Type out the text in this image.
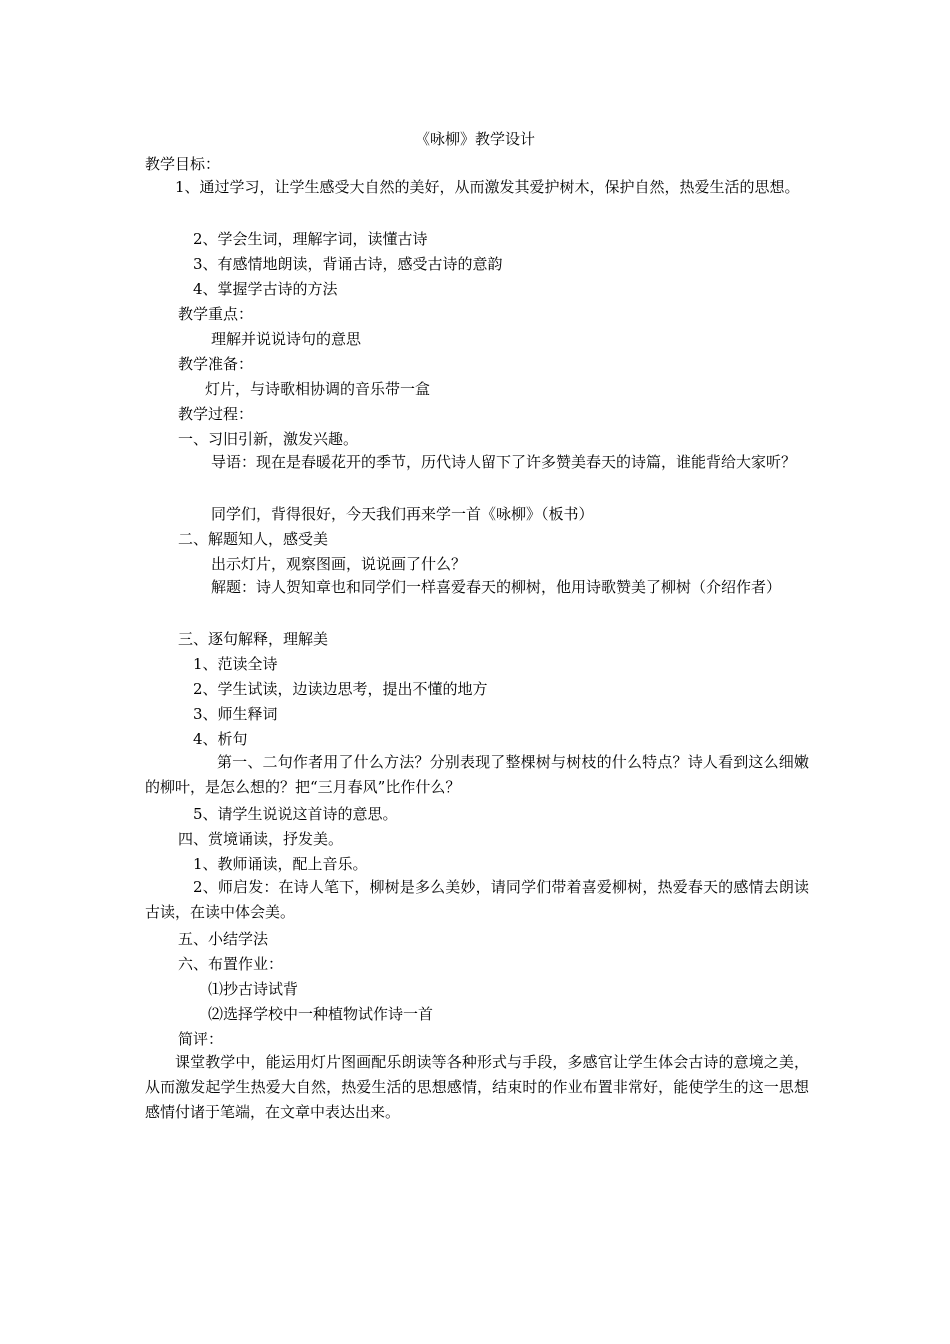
《咏柳》教学设计
教学目标：
1、通过学习，让学生感受大自然的美好，从而激发其爱护树木，保护自然，热爱生活的思想。
2、学会生词，理解字词，读懂古诗
3、有感情地朗读，背诵古诗，感受古诗的意韵
4、掌握学古诗的方法
教学重点：
理解并说说诗句的意思
教学准备：
灯片，与诗歌相协调的音乐带一盒
教学过程：
一、习旧引新，激发兴趣。
导语：现在是春暖花开的季节，历代诗人留下了许多赞美春天的诗篇，谁能背给大家听？
同学们，背得很好，今天我们再来学一首《咏柳》（板书）
二、解题知人，感受美
出示灯片，观察图画，说说画了什么？
解题：诗人贺知章也和同学们一样喜爱春天的柳树，他用诗歌赞美了柳树（介绍作者）
三、逐句解释，理解美
1、范读全诗
2、学生试读，边读边思考，提出不懂的地方
3、师生释词
4、析句
第一、二句作者用了什么方法？分别表现了整棵树与树枝的什么特点？诗人看到这么细嫩的柳叶，是怎么想的？把“三月春风”比作什么？
5、请学生说说这首诗的意思。
四、赏境诵读，抒发美。
1、教师诵读，配上音乐。
2、师启发：在诗人笔下，柳树是多么美妙，请同学们带着喜爱柳树，热爱春天的感情去朗读古读，在读中体会美。
五、小结学法
六、布置作业：
⑴抄古诗试背
⑵选择学校中一种植物试作诗一首
简评：
课堂教学中，能运用灯片图画配乐朗读等各种形式与手段，多感官让学生体会古诗的意境之美，从而激发起学生热爱大自然，热爱生活的思想感情，结束时的作业布置非常好，能使学生的这一思想感情付诸于笔端，在文章中表达出来。
